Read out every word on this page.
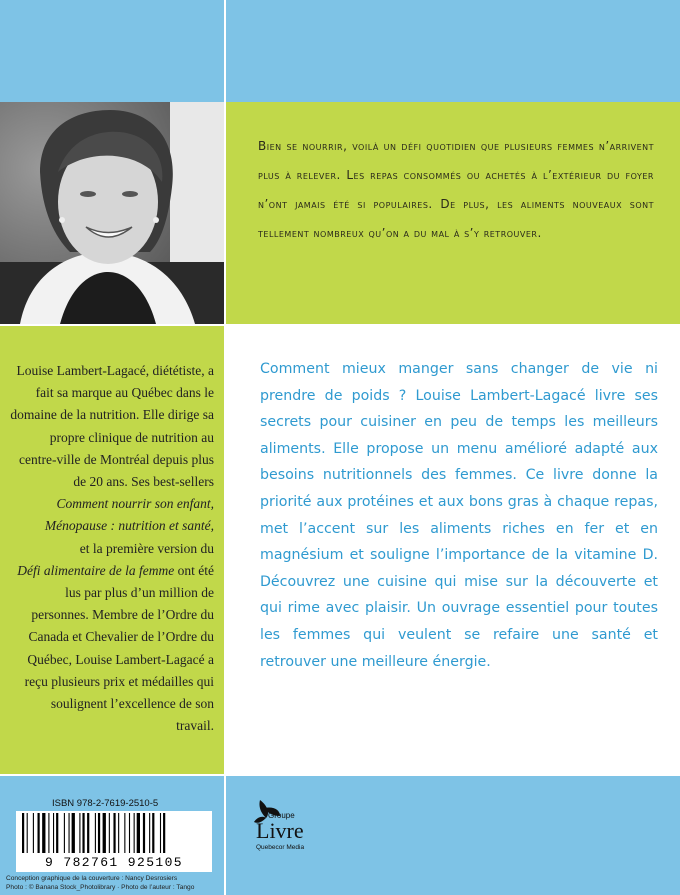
Bien se nourrir, voilà un défi quotidien que plusieurs femmes n’arrivent plus à relever. Les repas consommés ou achetés à l’extérieur du foyer n’ont jamais été si populaires. De plus, les aliments nouveaux sont tellement nombreux qu’on a du mal à s’y retrouver.

Louise Lambert-Lagacé, diététiste, a fait sa marque au Québec dans le domaine de la nutrition. Elle dirige sa propre clinique de nutrition au centre-ville de Montréal depuis plus de 20 ans. Ses best-sellers
Comment nourrir son enfant,
Ménopause : nutrition et santé,
et la première version du
Défi alimentaire de la femme ont été lus par plus d’un million de personnes. Membre de l’Ordre du Canada et Chevalier de l’Ordre du Québec, Louise Lambert-Lagacé a reçu plusieurs prix et médailles qui soulignent l’excellence de son travail.

Comment mieux manger sans changer de vie ni prendre de poids ? Louise Lambert-Lagacé livre ses secrets pour cuisiner en peu de temps les meilleurs aliments. Elle propose un menu amélioré adapté aux besoins nutritionnels des femmes. Ce livre donne la priorité aux protéines et aux bons gras à chaque repas, met l’accent sur les aliments riches en fer et en magnésium et souligne l’importance de la vitamine D. Découvrez une cuisine qui mise sur la découverte et qui rime avec plaisir. Un ouvrage essentiel pour toutes les femmes qui veulent se refaire une santé et retrouver une meilleure énergie.

ISBN 978-2-7619-2510-5
9 782761 925105
Conception graphique de la couverture : Nancy Desrosiers
Photo : © Banana Stock_Photolibrary · Photo de l’auteur : Tango
Groupe
Livre
Quebecor Media
